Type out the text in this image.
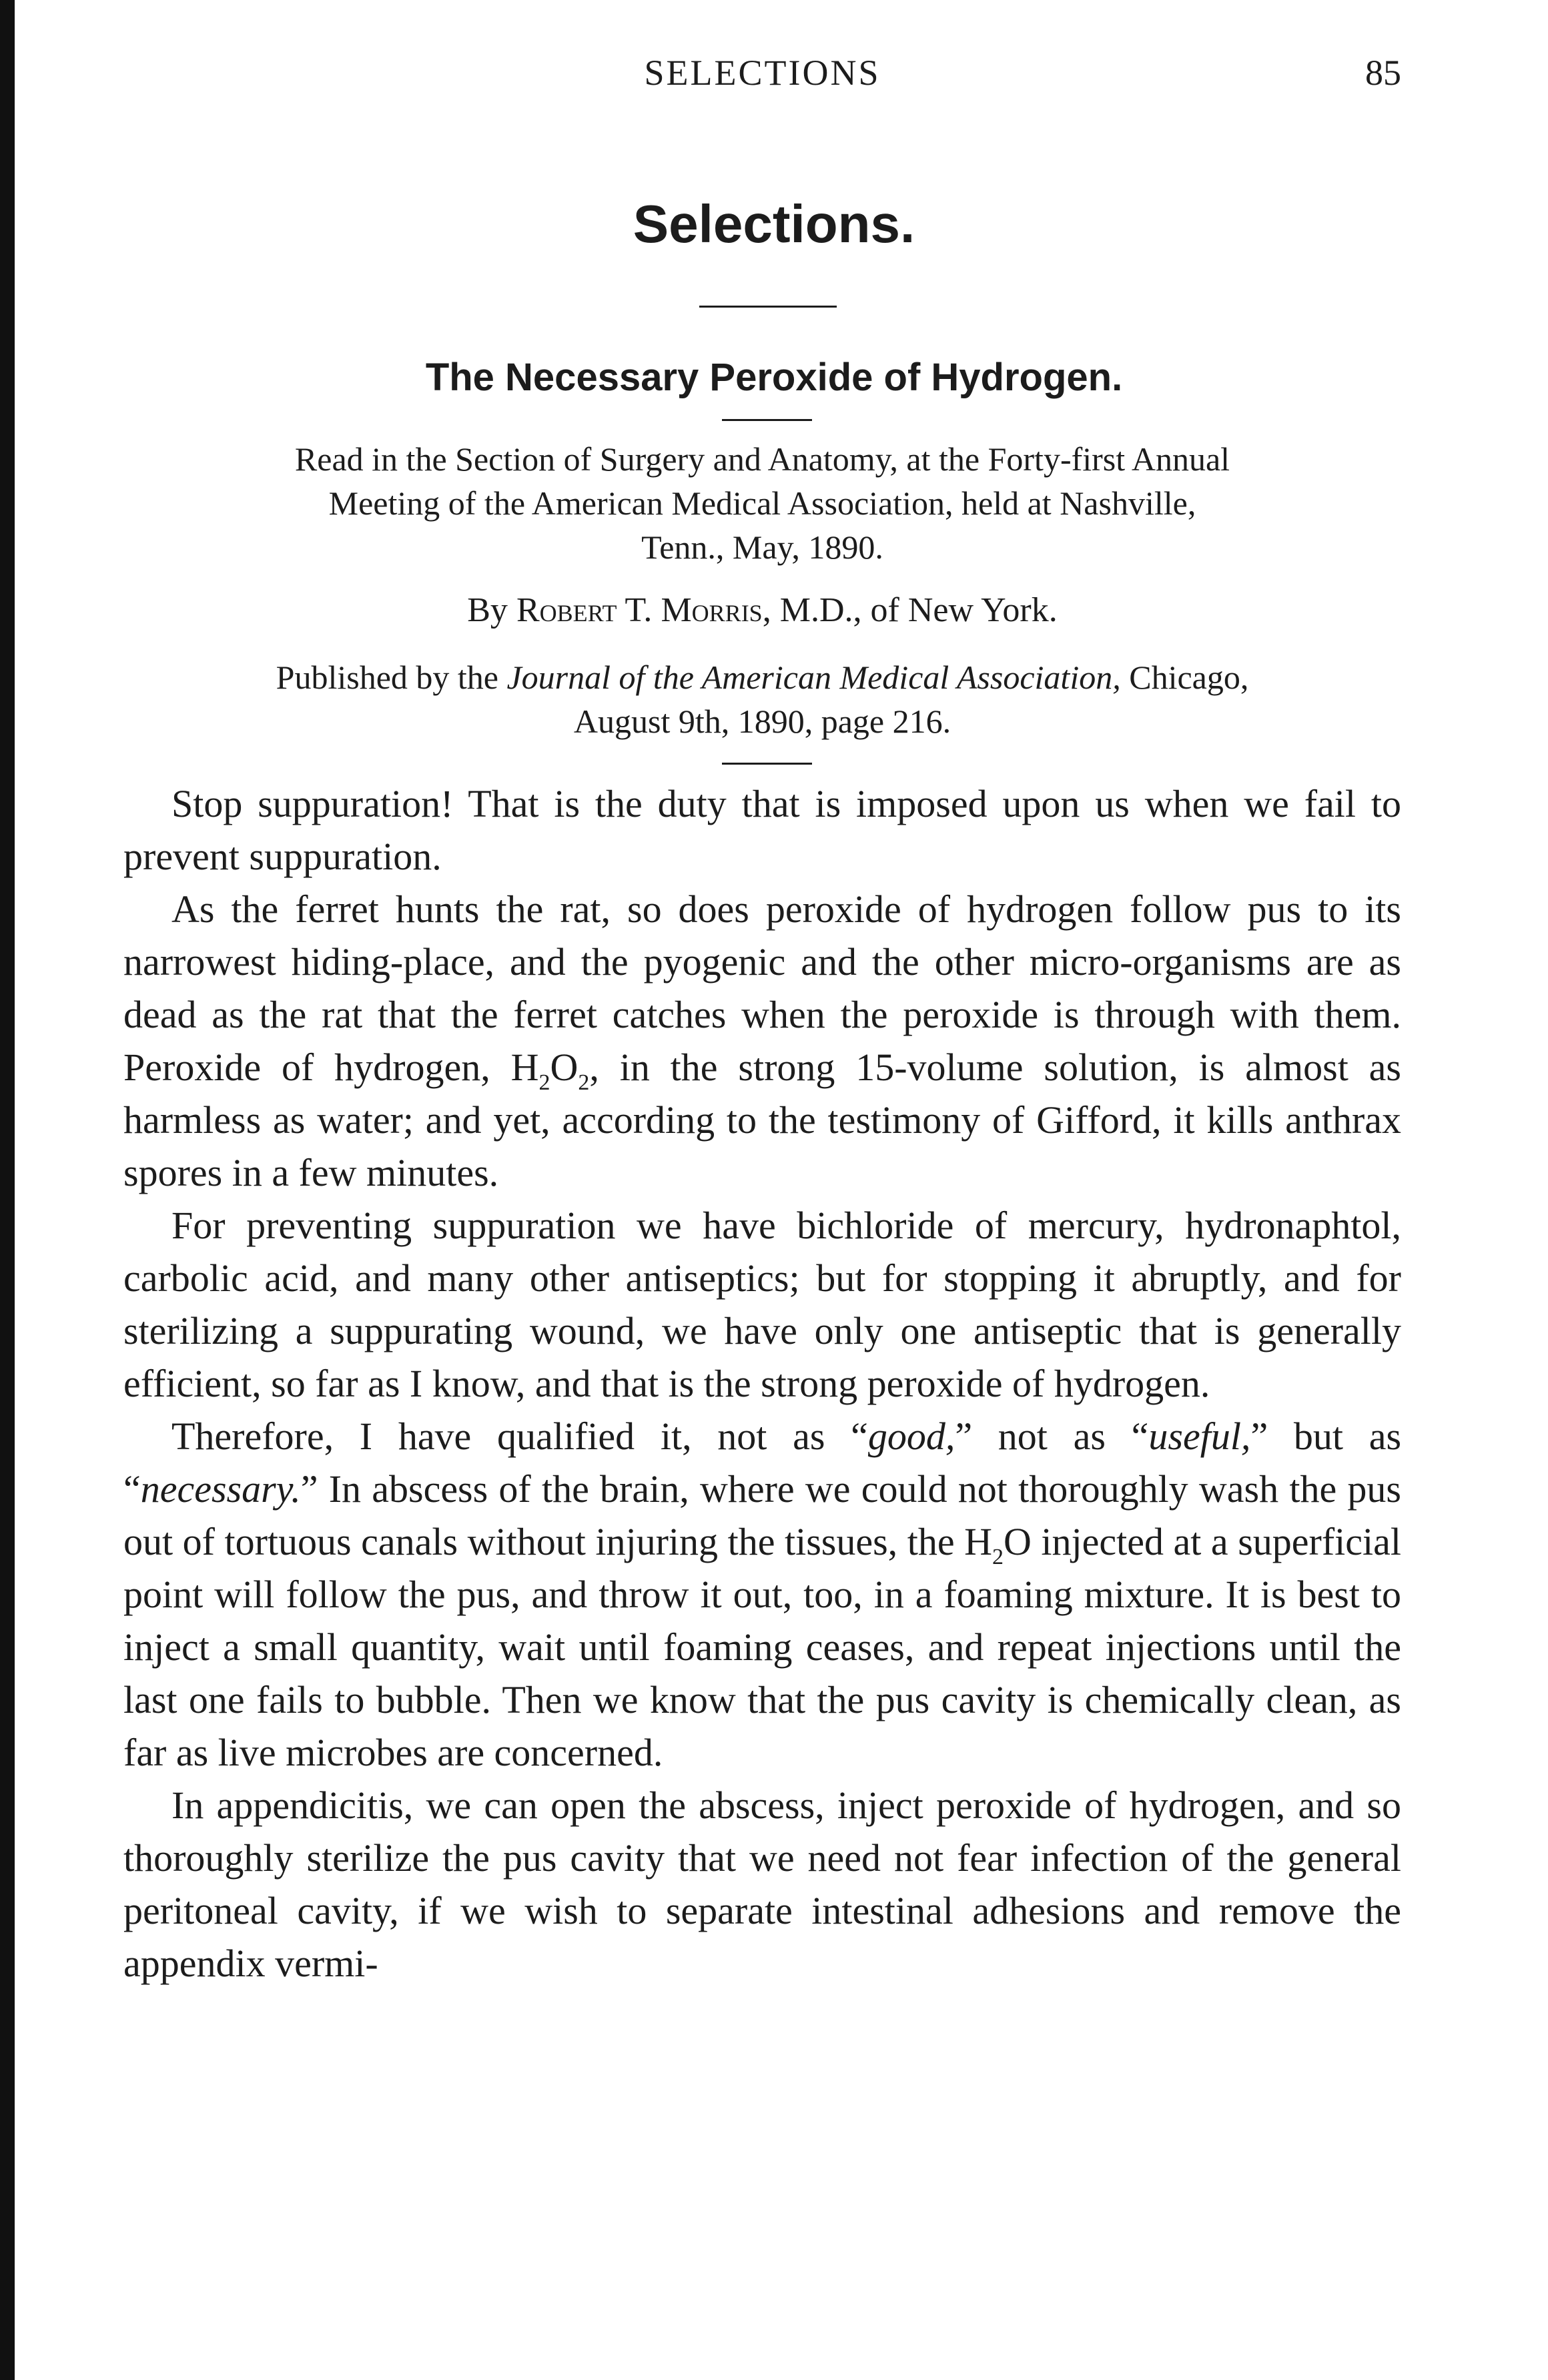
SELECTIONS	85
Selections.
The Necessary Peroxide of Hydrogen.
Read in the Section of Surgery and Anatomy, at the Forty-first Annual
Meeting of the American Medical Association, held at Nashville,
Tenn., May, 1890.
By Robert T. Morris, M.D., of New York.
Published by the Journal of the American Medical Association, Chicago,
August 9th, 1890, page 216.

Stop suppuration! That is the duty that is imposed upon us when we fail to prevent suppuration.

As the ferret hunts the rat, so does peroxide of hydrogen follow pus to its narrowest hiding-place, and the pyogenic and the other micro-organisms are as dead as the rat that the ferret catches when the peroxide is through with them. Peroxide of hydrogen, $H_2O_2$, in the strong 15-volume solution, is almost as harmless as water; and yet, according to the testimony of Gifford, it kills anthrax spores in a few minutes.

For preventing suppuration we have bichloride of mercury, hydronaphtol, carbolic acid, and many other antiseptics; but for stopping it abruptly, and for sterilizing a suppurating wound, we have only one antiseptic that is generally efficient, so far as I know, and that is the strong peroxide of hydrogen.

Therefore, I have qualified it, not as “good,” not as “useful,” but as “necessary.” In abscess of the brain, where we could not thoroughly wash the pus out of tortuous canals without injuring the tissues, the $H_2O$ injected at a superficial point will follow the pus, and throw it out, too, in a foaming mixture. It is best to inject a small quantity, wait until foaming ceases, and repeat injections until the last one fails to bubble. Then we know that the pus cavity is chemically clean, as far as live microbes are concerned.

In appendicitis, we can open the abscess, inject peroxide of hydrogen, and so thoroughly sterilize the pus cavity that we need not fear infection of the general peritoneal cavity, if we wish to separate intestinal adhesions and remove the appendix vermi-
